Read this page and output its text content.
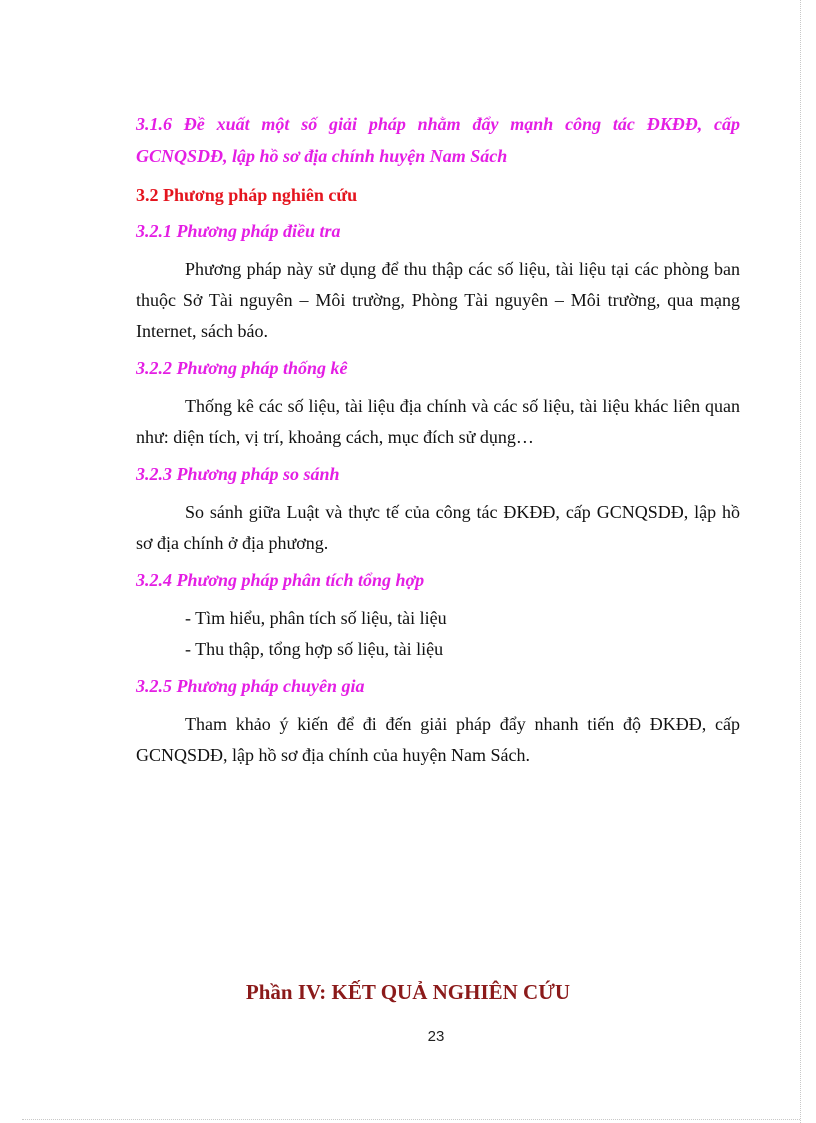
3.1.6 Đề xuất một số giải pháp nhằm đẩy mạnh công tác ĐKĐĐ, cấp
GCNQSDĐ, lập hồ sơ địa chính huyện Nam Sách

3.2 Phương pháp nghiên cứu

3.2.1 Phương pháp điều tra

Phương pháp này sử dụng để thu thập các số liệu, tài liệu tại các phòng ban thuộc Sở Tài nguyên – Môi trường, Phòng Tài nguyên – Môi trường, qua mạng Internet, sách báo.

3.2.2 Phương pháp thống kê

Thống kê các số liệu, tài liệu địa chính và các số liệu, tài liệu khác liên quan như: diện tích, vị trí, khoảng cách, mục đích sử dụng…

3.2.3 Phương pháp so sánh

So sánh giữa Luật và thực tế của công tác ĐKĐĐ, cấp GCNQSDĐ, lập hồ sơ địa chính ở địa phương.

3.2.4 Phương pháp phân tích tổng hợp

- Tìm hiểu, phân tích số liệu, tài liệu

- Thu thập, tổng hợp số liệu, tài liệu

3.2.5 Phương pháp chuyên gia

Tham khảo ý kiến để đi đến giải pháp đẩy nhanh tiến độ ĐKĐĐ, cấp GCNQSDĐ, lập hồ sơ địa chính của huyện Nam Sách.

Phần IV: KẾT QUẢ NGHIÊN CỨU

23
